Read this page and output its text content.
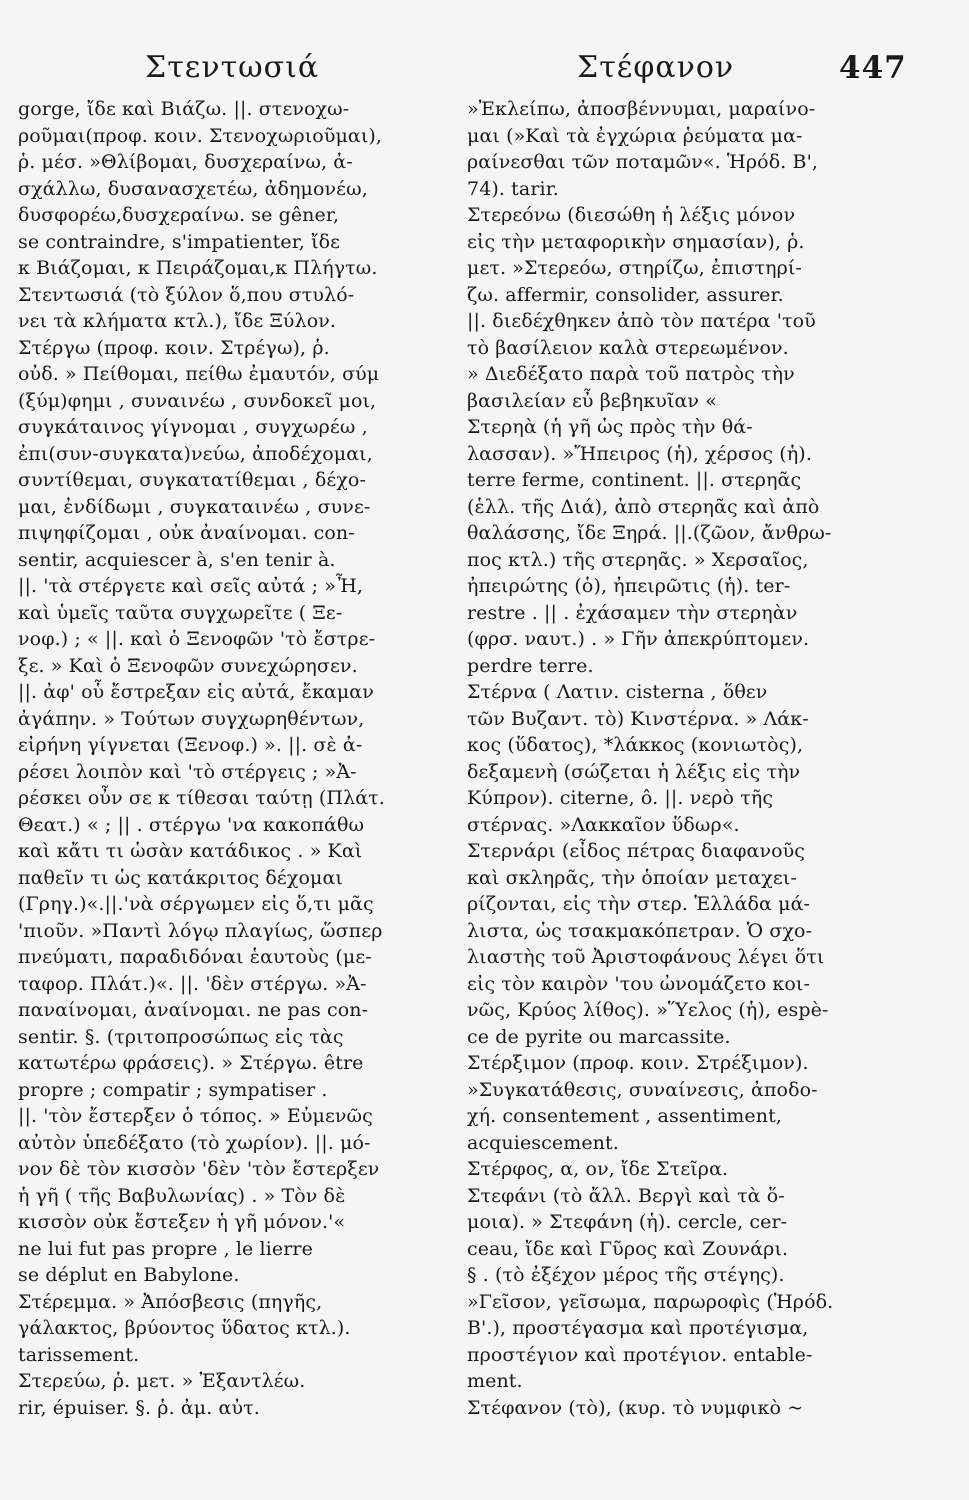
Στεντωσιά	Στέφανον	447
gorge, ἴδε καὶ Βιάζω. ||. στενοχω-
ροῦμαι(προφ. κοιν. Στενοχωριοῦμαι),
ῥ. μέσ. »Θλίβομαι, δυσχεραίνω, ἀ-
σχάλλω, δυσανασχετέω, ἀδημονέω,
δυσφορέω,δυσχεραίνω. se gêner,
se contraindre, s'impatienter, ἴδε
κ Βιάζομαι, κ Πειράζομαι,κ Πλήγτω.
Στεντωσιά (τὸ ξύλον ὅ,που στυλό-
νει τὰ κλήματα κτλ.), ἴδε Ξύλον.
Στέργω (προφ. κοιν. Στρέγω), ῥ.
οὐδ. » Πείθομαι, πείθω ἐμαυτόν, σύμ
(ξύμ)φημι , συναινέω , συνδοκεῖ μοι,
συγκάταινος γίγνομαι , συγχωρέω ,
ἐπι(συν-συγκατα)νεύω, ἀποδέχομαι,
συντίθεμαι, συγκατατίθεμαι , δέχο-
μαι, ἐνδίδωμι , συγκαταινέω , συνε-
πιψηφίζομαι , οὐκ ἀναίνομαι. con-
sentir, acquiescer à, s'en tenir à.
||. 'τὰ στέργετε καὶ σεῖς αὐτά ; »Ἦ,
καὶ ὑμεῖς ταῦτα συγχωρεῖτε ( Ξε-
νοφ.) ; « ||. καὶ ὁ Ξενοφῶν 'τὸ ἔστρε-
ξε. » Καὶ ὁ Ξενοφῶν συνεχώρησεν.
||. ἀφ' οὗ ἔστρεξαν εἰς αὐτά, ἔκαμαν
ἀγάπην. » Τούτων συγχωρηθέντων,
εἰρήνη γίγνεται (Ξενοφ.) ». ||. σὲ ἀ-
ρέσει λοιπὸν καὶ 'τὸ στέργεις ; »Ἀ-
ρέσκει οὖν σε κ τίθεσαι ταύτῃ (Πλάτ.
Θεατ.) « ; || . στέργω 'να κακοπάθω
καὶ κἄτι τι ὡσὰν κατάδικος . » Καὶ
παθεῖν τι ὡς κατάκριτος δέχομαι
(Γρηγ.)«.||.'νὰ σέργωμεν εἰς ὅ,τι μᾶς
'πιοῦν. »Παντὶ λόγῳ πλαγίως, ὥσπερ
πνεύματι, παραδιδόναι ἑαυτοὺς (με-
ταφορ. Πλάτ.)«. ||. 'δὲν στέργω. »Ἀ-
παναίνομαι, ἀναίνομαι. ne pas con-
sentir. §. (τριτοπροσώπως εἰς τὰς
κατωτέρω φράσεις). » Στέργω. être
propre ; compatir ; sympatiser .
||. 'τὸν ἔστερξεν ὁ τόπος. » Εὐμενῶς
αὐτὸν ὑπεδέξατο (τὸ χωρίον). ||. μό-
νον δὲ τὸν κισσὸν 'δὲν 'τὸν ἔστερξεν
ἡ γῆ ( τῆς Βαβυλωνίας) . » Τὸν δὲ
κισσὸν οὐκ ἔστεξεν ἡ γῆ μόνον.'«
ne lui fut pas propre , le lierre
se déplut en Babylone.
Στέρεμμα. » Ἀπόσβεσις (πηγῆς,
γάλακτος, βρύοντος ὕδατος κτλ.).
tarissement.
Στερεύω, ῥ. μετ. » Ἐξαντλέω.
rir, épuiser. §. ῥ. ἀμ. αὐτ.
»Ἐκλείπω, ἀποσβέννυμαι, μαραίνο-
μαι (»Καὶ τὰ ἐγχώρια ῥεύματα μα-
ραίνεσθαι τῶν ποταμῶν«. Ἡρόδ. Β',
74). tarir.
Στερεόνω (διεσώθη ἡ λέξις μόνον
εἰς τὴν μεταφορικὴν σημασίαν), ῥ.
μετ. »Στερεόω, στηρίζω, ἐπιστηρί-
ζω. affermir, consolider, assurer.
||. διεδέχθηκεν ἀπὸ τὸν πατέρα 'τοῦ
τὸ βασίλειον καλὰ στερεωμένον.
» Διεδέξατο παρὰ τοῦ πατρὸς τὴν
βασιλείαν εὖ βεβηκυῖαν «
Στερηὰ (ἡ γῆ ὡς πρὸς τὴν θά-
λασσαν). »Ἤπειρος (ἡ), χέρσος (ἡ).
terre ferme, continent. ||. στερηᾶς
(ἑλλ. τῆς Διά), ἀπὸ στερηᾶς καὶ ἀπὸ
θαλάσσης, ἴδε Ξηρά. ||.(ζῶον, ἄνθρω-
πος κτλ.) τῆς στερηᾶς. » Χερσαῖος,
ἠπειρώτης (ὁ), ἠπειρῶτις (ἡ). ter-
restre . || . ἐχάσαμεν τὴν στερηὰν
(φρσ. ναυτ.) . » Γῆν ἀπεκρύπτομεν.
perdre terre.
Στέρνα ( Λατιν. cisterna , ὅθεν
τῶν Βυζαντ. τὸ) Κινστέρνα. » Λάκ-
κος (ὕδατος), *λάκκος (κονιωτὸς),
δεξαμενὴ (σώζεται ἡ λέξις εἰς τὴν
Κύπρον). citerne, ô. ||. νερὸ τῆς
στέρνας. »Λακκαῖον ὕδωρ«.
Στερνάρι (εἶδος πέτρας διαφανοῦς
καὶ σκληρᾶς, τὴν ὁποίαν μεταχει-
ρίζονται, εἰς τὴν στερ. Ἑλλάδα μά-
λιστα, ὡς τσακμακόπετραν. Ὁ σχο-
λιαστὴς τοῦ Ἀριστοφάνους λέγει ὅτι
εἰς τὸν καιρὸν 'του ὠνομάζετο κοι-
νῶς, Κρύος λίθος). »Ὕελος (ἡ), espè-
ce de pyrite ou marcassite.
Στέρξιμον (προφ. κοιν. Στρέξιμον).
»Συγκατάθεσις, συναίνεσις, ἀποδο-
χή. consentement , assentiment,
acquiescement.
Στέρφος, α, ον, ἴδε Στεῖρα.
Στεφάνι (τὸ ἄλλ. Βεργὶ καὶ τὰ ὅ-
μοια). » Στεφάνη (ἡ). cercle, cer-
ceau, ἴδε καὶ Γῦρος καὶ Ζουνάρι.
§ . (τὸ ἐξέχον μέρος τῆς στέγης).
»Γεῖσον, γεῖσωμα, παρωροφὶς (Ἡρόδ.
Β'.), προστέγασμα καὶ προτέγισμα,
προστέγιον καὶ προτέγιον. entable-
ment.
Στέφανον (τὸ), (κυρ. τὸ νυμφικὸ ~
